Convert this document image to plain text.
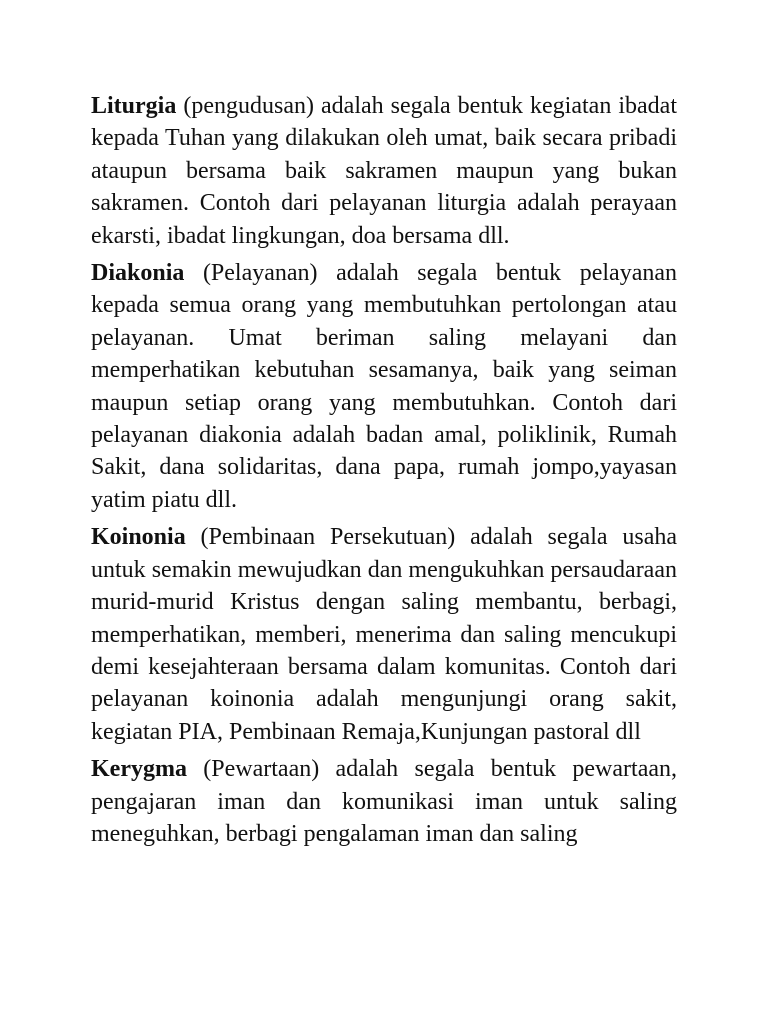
Liturgia (pengudusan) adalah segala bentuk kegiatan ibadat kepada Tuhan yang dilakukan oleh umat, baik secara pribadi ataupun bersama baik sakramen maupun yang bukan sakramen. Contoh dari pelayanan liturgia adalah perayaan ekarsti, ibadat lingkungan, doa bersama dll.

Diakonia (Pelayanan) adalah segala bentuk pelayanan kepada semua orang yang membutuhkan pertolongan atau pelayanan. Umat beriman saling melayani dan memperhatikan kebutuhan sesamanya, baik yang seiman maupun setiap orang yang membutuhkan. Contoh dari pelayanan diakonia adalah badan amal, poliklinik, Rumah Sakit, dana solidaritas, dana papa, rumah jompo,yayasan yatim piatu dll.

Koinonia (Pembinaan Persekutuan) adalah segala usaha untuk semakin mewujudkan dan mengukuhkan persaudaraan murid-murid Kristus dengan saling membantu, berbagi, memperhatikan, memberi, menerima dan saling mencukupi demi kesejahteraan bersama dalam komunitas. Contoh dari pelayanan koinonia adalah mengunjungi orang sakit, kegiatan PIA, Pembinaan Remaja,Kunjungan pastoral dll

Kerygma (Pewartaan) adalah segala bentuk pewartaan, pengajaran iman dan komunikasi iman untuk saling meneguhkan, berbagi pengalaman iman dan saling
